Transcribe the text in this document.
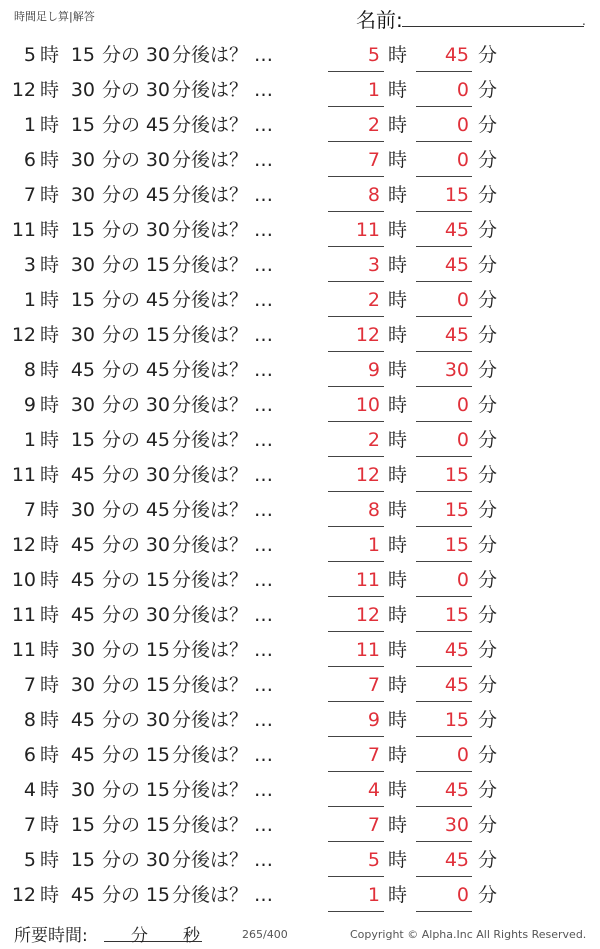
時間足し算|解答	名前:	.
5 時 15 分の 30 分後は？ …	5 時 45 分
12 時 30 分の 30 分後は？ …	1 時	0 分
1 時 15 分の 45 分後は？ …	2 時	0 分
6 時 30 分の 30 分後は？ …	7 時	0 分
7 時 30 分の 45 分後は？ …	8 時 15 分
11 時 15 分の 30 分後は？ …	11 時 45 分
3 時 30 分の 15 分後は？ …	3 時 45 分
1 時 15 分の 45 分後は？ …	2 時	0 分
12 時 30 分の 15 分後は？ …	12 時 45 分
8 時 45 分の 45 分後は？ …	9 時 30 分
9 時 30 分の 30 分後は？ …	10 時	0 分
1 時 15 分の 45 分後は？ …	2 時	0 分
11 時 45 分の 30 分後は？ …	12 時 15 分
7 時 30 分の 45 分後は？ …	8 時 15 分
12 時 45 分の 30 分後は？ …	1 時 15 分
10 時 45 分の 15 分後は？ …	11 時	0 分
11 時 45 分の 30 分後は？ …	12 時 15 分
11 時 30 分の 15 分後は？ …	11 時 45 分
7 時 30 分の 15 分後は？ …	7 時 45 分
8 時 45 分の 30 分後は？ …	9 時 15 分
6 時 45 分の 15 分後は？ …	7 時	0 分
4 時 30 分の 15 分後は？ …	4 時 45 分
7 時 15 分の 15 分後は？ …	7 時 30 分
5 時 15 分の 30 分後は？ …	5 時 45 分
12 時 45 分の 15 分後は？ …	1 時	0 分
所要時間:	分 秒	265/400	Copyright © Alpha.Inc All Rights Reserved.
